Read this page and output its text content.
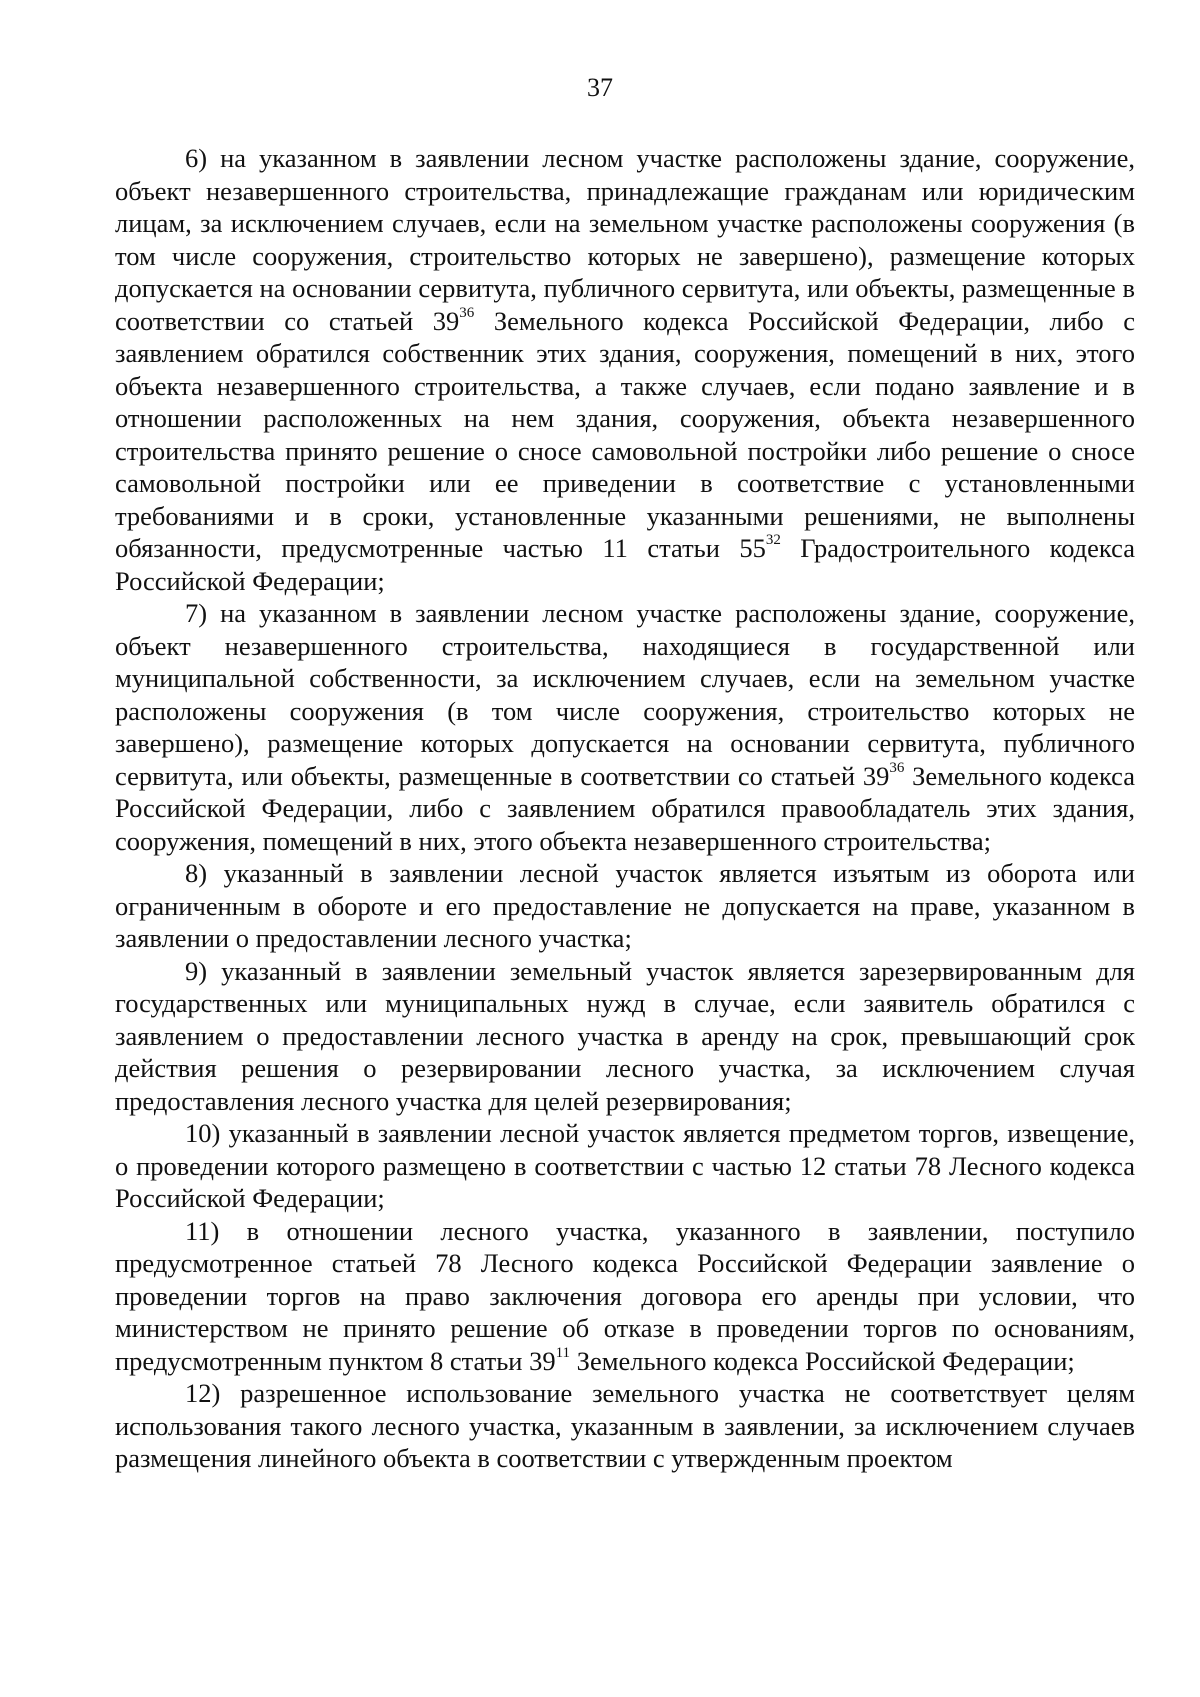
37

6) на указанном в заявлении лесном участке расположены здание, сооружение, объект незавершенного строительства, принадлежащие гражданам или юридическим лицам, за исключением случаев, если на земельном участке расположены сооружения (в том числе сооружения, строительство которых не завершено), размещение которых допускается на основании сервитута, публичного сервитута, или объекты, размещенные в соответствии со статьей $39^{36}$ Земельного кодекса Российской Федерации, либо с заявлением обратился собственник этих здания, сооружения, помещений в них, этого объекта незавершенного строительства, а также случаев, если подано заявление и в отношении расположенных на нем здания, сооружения, объекта незавершенного строительства принято решение о сносе самовольной постройки либо решение о сносе самовольной постройки или ее приведении в соответствие с установленными требованиями и в сроки, установленные указанными решениями, не выполнены обязанности, предусмотренные частью 11 статьи $55^{32}$ Градостроительного кодекса Российской Федерации;

7) на указанном в заявлении лесном участке расположены здание, сооружение, объект незавершенного строительства, находящиеся в государственной или муниципальной собственности, за исключением случаев, если на земельном участке расположены сооружения (в том числе сооружения, строительство которых не завершено), размещение которых допускается на основании сервитута, публичного сервитута, или объекты, размещенные в соответствии со статьей $39^{36}$ Земельного кодекса Российской Федерации, либо с заявлением обратился правообладатель этих здания, сооружения, помещений в них, этого объекта незавершенного строительства;

8) указанный в заявлении лесной участок является изъятым из оборота или ограниченным в обороте и его предоставление не допускается на праве, указанном в заявлении о предоставлении лесного участка;

9) указанный в заявлении земельный участок является зарезервированным для государственных или муниципальных нужд в случае, если заявитель обратился с заявлением о предоставлении лесного участка в аренду на срок, превышающий срок действия решения о резервировании лесного участка, за исключением случая предоставления лесного участка для целей резервирования;

10) указанный в заявлении лесной участок является предметом торгов, извещение, о проведении которого размещено в соответствии с частью 12 статьи 78 Лесного кодекса Российской Федерации;

11) в отношении лесного участка, указанного в заявлении, поступило предусмотренное статьей 78 Лесного кодекса Российской Федерации заявление о проведении торгов на право заключения договора его аренды при условии, что министерством не принято решение об отказе в проведении торгов по основаниям, предусмотренным пунктом 8 статьи $39^{11}$ Земельного кодекса Российской Федерации;

12) разрешенное использование земельного участка не соответствует целям использования такого лесного участка, указанным в заявлении, за исключением случаев размещения линейного объекта в соответствии с утвержденным проектом
